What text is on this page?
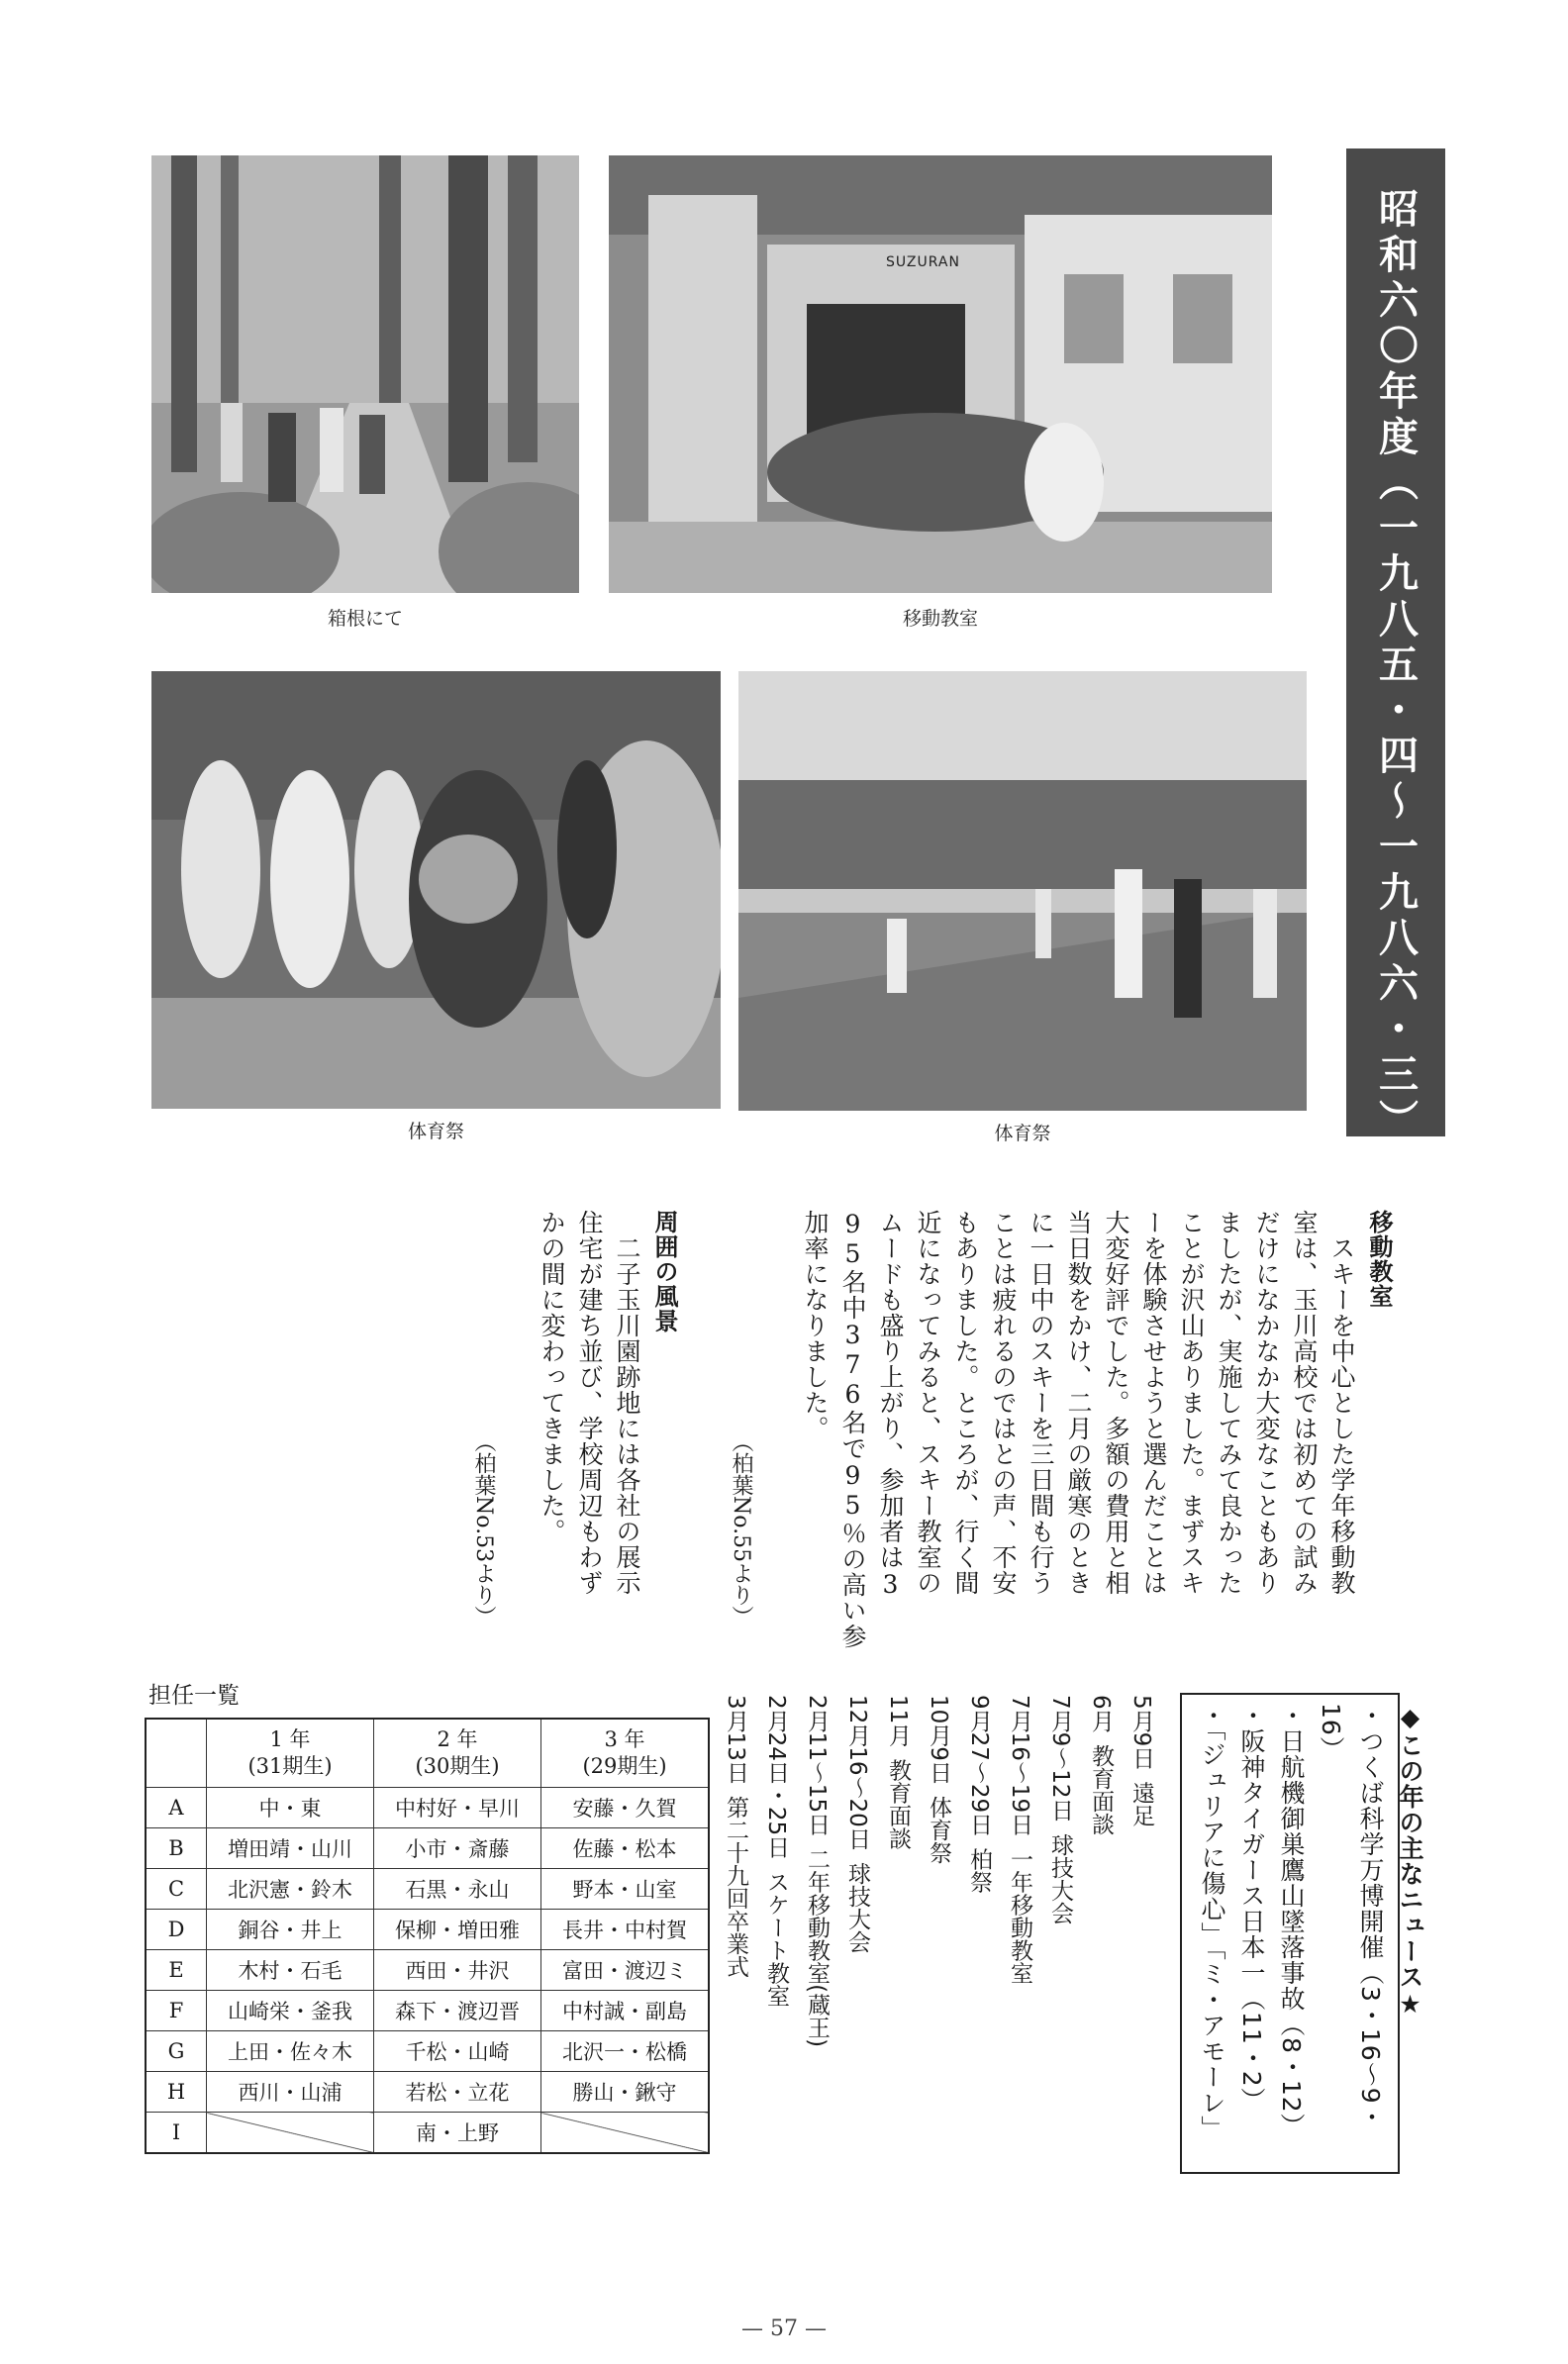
昭和六〇年度（一九八五・四～一九八六・三）
箱根にて
SUZURAN
移動教室
体育祭	体育祭
移動教室
　スキーを中心とした学年移動教
室は、玉川高校では初めての試み
だけになかなか大変なこともあり
ましたが、実施してみて良かった
ことが沢山ありました。まずスキ
ーを体験させようと選んだことは
大変好評でした。多額の費用と相
当日数をかけ、二月の厳寒のとき
に一日中のスキーを三日間も行う
ことは疲れるのではとの声、不安
もありました。ところが、行く間
近になってみると、スキー教室の
ムードも盛り上がり、参加者は3
95名中376名で95％の高い参
加率になりました。
（柏葉No.55より）
周囲の風景
　二子玉川園跡地には各社の展示
住宅が建ち並び、学校周辺もわず
かの間に変わってきました。
（柏葉No.53より）
◆この年の主なニュース★
・つくば科学万博開催（3・16～9・16）
・日航機御巣鷹山墜落事故（8・12）
・阪神タイガース日本一（11・2）
・「ジュリアに傷心」「ミ・アモーレ」
5月9日遠足
6月教育面談
7月9～12日球技大会
7月16～19日一年移動教室
9月27～29日柏祭
10月9日体育祭
11月教育面談
12月16～20日球技大会
2月11～15日二年移動教室(蔵王)
2月24日・25日スケート教室
3月13日第二十九回卒業式
担任一覧
	1 年
(31期生)	2 年
(30期生)	3 年
(29期生)
A	中・東	中村好・早川	安藤・久賀
B	増田靖・山川	小市・斎藤	佐藤・松本
C	北沢憲・鈴木	石黒・永山	野本・山室
D	銅谷・井上	保柳・増田雅	長井・中村賀
E	木村・石毛	西田・井沢	富田・渡辺ミ
F	山崎栄・釜我	森下・渡辺晋	中村誠・副島
G	上田・佐々木	千松・山崎	北沢一・松橋
H	西川・山浦	若松・立花	勝山・鍬守
I		南・上野	
— 57 —
